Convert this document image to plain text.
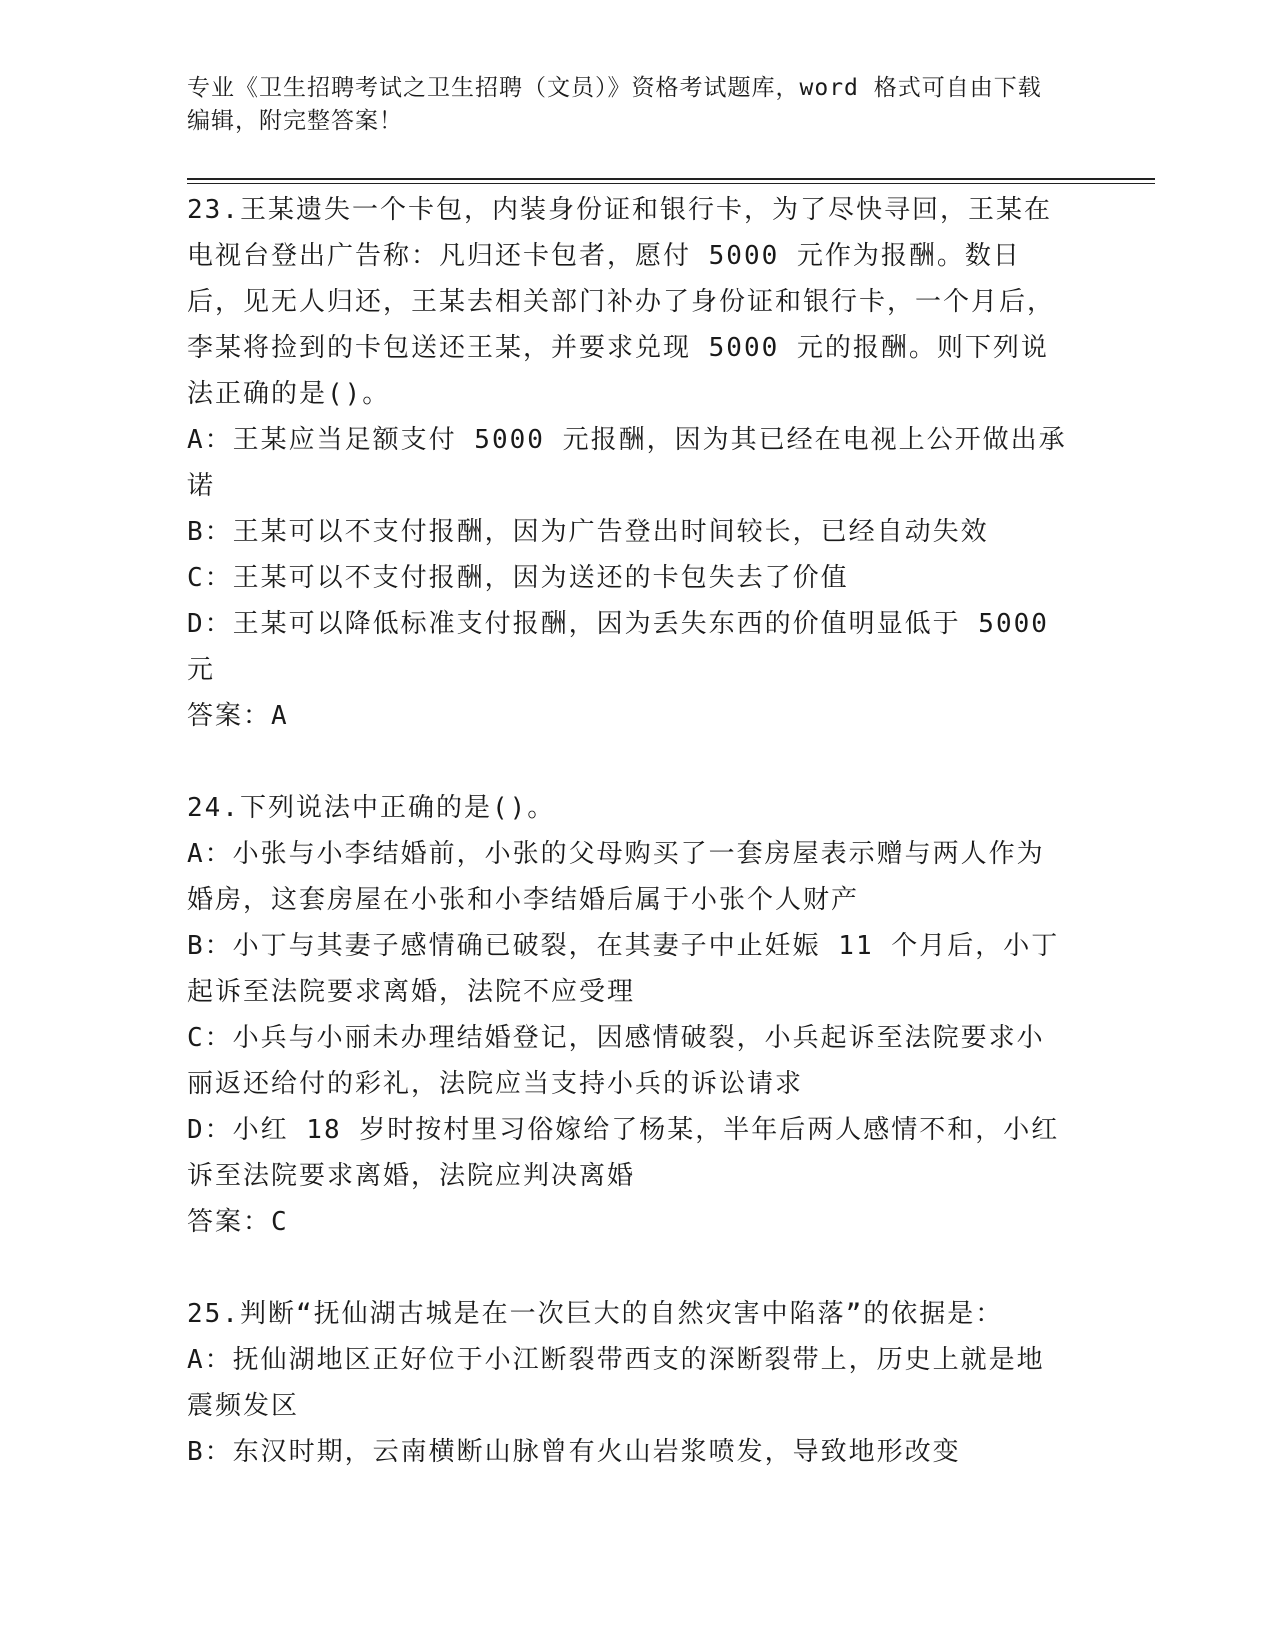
专业《卫生招聘考试之卫生招聘（文员）》资格考试题库，word 格式可自由下载
编辑，附完整答案！

23.王某遗失一个卡包，内装身份证和银行卡，为了尽快寻回，王某在电视台登出广告称：凡归还卡包者，愿付 5000 元作为报酬。数日后，见无人归还，王某去相关部门补办了身份证和银行卡，一个月后，李某将捡到的卡包送还王某，并要求兑现 5000 元的报酬。则下列说法正确的是()。

A：王某应当足额支付 5000 元报酬，因为其已经在电视上公开做出承诺

B：王某可以不支付报酬，因为广告登出时间较长，已经自动失效

C：王某可以不支付报酬，因为送还的卡包失去了价值

D：王某可以降低标准支付报酬，因为丢失东西的价值明显低于 5000 元

答案：A

24.下列说法中正确的是()。

A：小张与小李结婚前，小张的父母购买了一套房屋表示赠与两人作为婚房，这套房屋在小张和小李结婚后属于小张个人财产

B：小丁与其妻子感情确已破裂，在其妻子中止妊娠 11 个月后，小丁起诉至法院要求离婚，法院不应受理

C：小兵与小丽未办理结婚登记，因感情破裂，小兵起诉至法院要求小丽返还给付的彩礼，法院应当支持小兵的诉讼请求

D：小红 18 岁时按村里习俗嫁给了杨某，半年后两人感情不和，小红诉至法院要求离婚，法院应判决离婚

答案：C

25.判断“抚仙湖古城是在一次巨大的自然灾害中陷落”的依据是：

A：抚仙湖地区正好位于小江断裂带西支的深断裂带上，历史上就是地震频发区

B：东汉时期，云南横断山脉曾有火山岩浆喷发，导致地形改变
